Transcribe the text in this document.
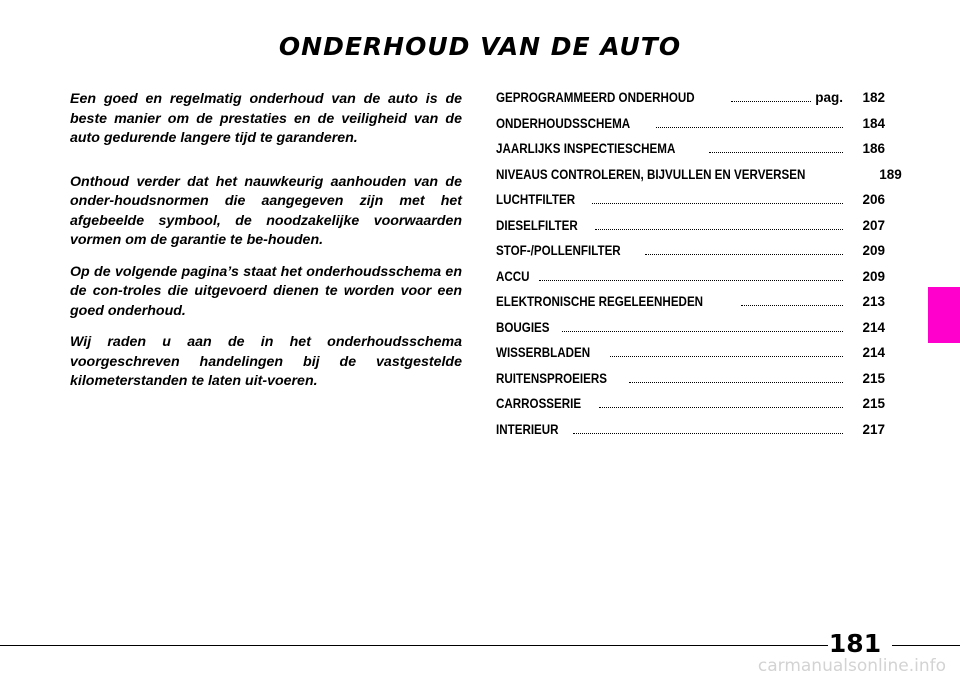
ONDERHOUD VAN DE AUTO

Een goed en regelmatig onderhoud van de auto is de beste manier om de prestaties en de veiligheid van de auto gedurende langere tijd te garanderen.

Onthoud verder dat het nauwkeurig aanhouden van de onder-houdsnormen die aangegeven zijn met het afgebeelde symbool, de noodzakelijke voorwaarden vormen om de garantie te be-houden.

Op de volgende pagina’s staat het onderhoudsschema en de con-troles die uitgevoerd dienen te worden voor een goed onderhoud.

Wij raden u aan de in het onderhoudsschema voorgeschreven handelingen bij de vastgestelde kilometerstanden te laten uit-voeren.

GEPROGRAMMEERD ONDERHOUD	pag.	182
ONDERHOUDSSCHEMA	184
JAARLIJKS INSPECTIESCHEMA	186
NIVEAUS CONTROLEREN, BIJVULLEN EN VERVERSEN	189
LUCHTFILTER	206
DIESELFILTER	207
STOF-/POLLENFILTER	209
ACCU	209
ELEKTRONISCHE REGELEENHEDEN	213
BOUGIES	214
WISSERBLADEN	214
RUITENSPROEIERS	215
CARROSSERIE	215
INTERIEUR	217
181
carmanualsonline.info
